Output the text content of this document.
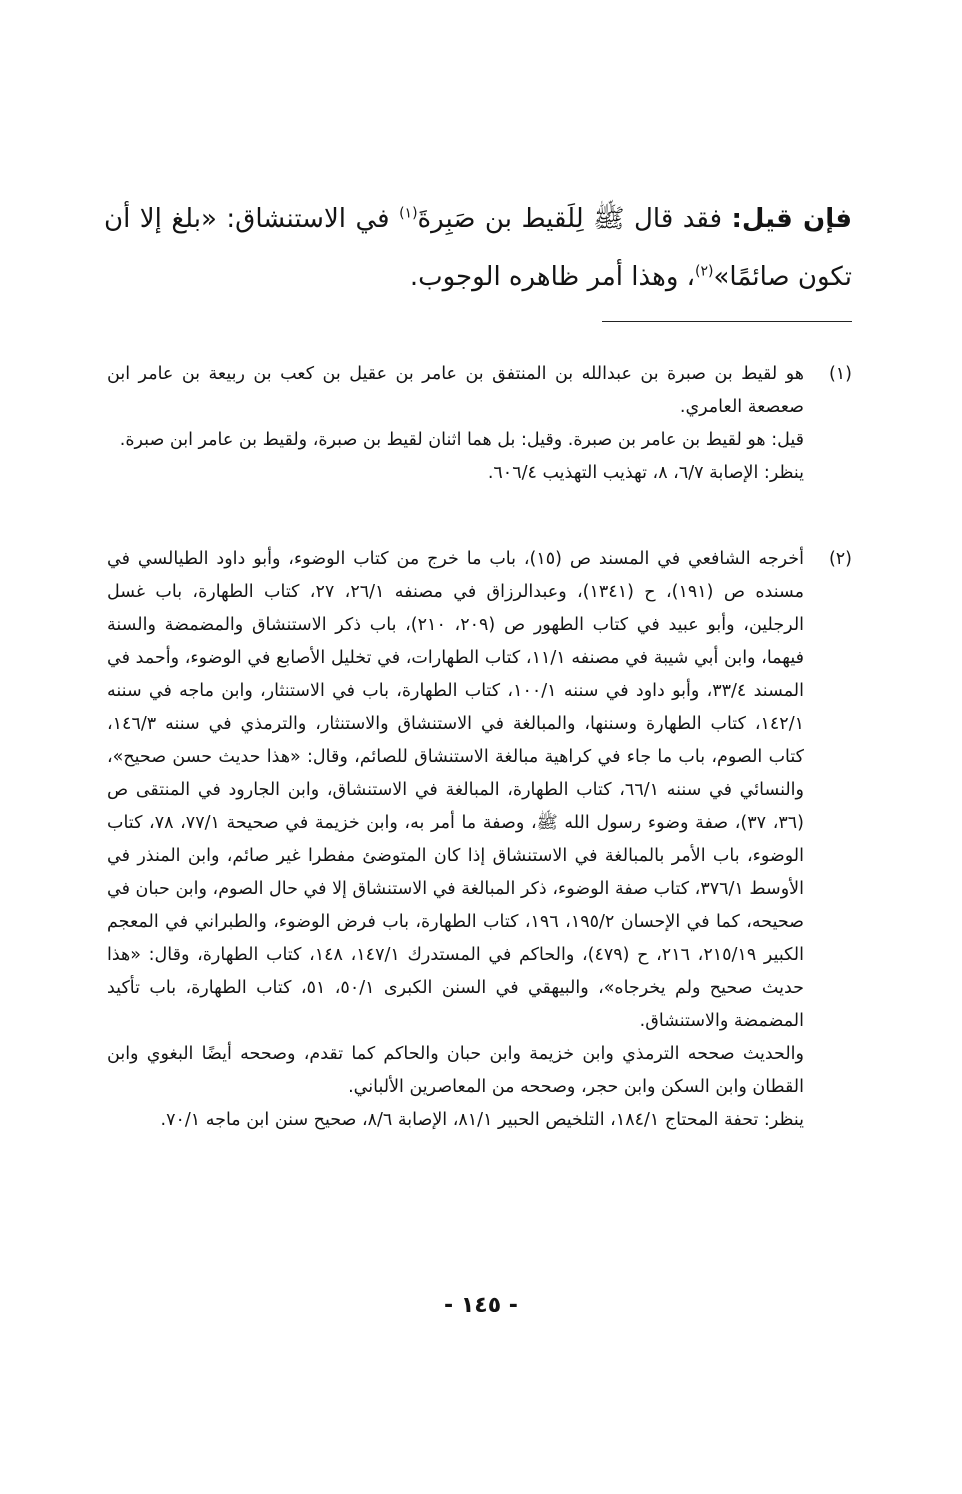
فإن قيل: فقد قال ﷺ لِلَقيط بن صَبِرةَ$^{(١)}$ في الاستنشاق: «بلغ إلا أن تكون صائمًا»$^{(٢)}$، وهذا أمر ظاهره الوجوب.
(١)

هو لقيط بن صبرة بن عبدالله بن المنتفق بن عامر بن عقيل بن كعب بن ربيعة بن عامر ابن صعصعة العامري.

قيل: هو لقيط بن عامر بن صبرة. وقيل: بل هما اثنان لقيط بن صبرة، ولقيط بن عامر ابن صبرة.

ينظر: الإصابة ٦/٧، ٨، تهذيب التهذيب ٦٠٦/٤.

(٢)

أخرجه الشافعي في المسند ص (١٥)، باب ما خرج من كتاب الوضوء، وأبو داود الطيالسي في مسنده ص (١٩١)، ح (١٣٤١)، وعبدالرزاق في مصنفه ٢٦/١، ٢٧، كتاب الطهارة، باب غسل الرجلين، وأبو عبيد في كتاب الطهور ص (٢٠٩، ٢١٠)، باب ذكر الاستنشاق والمضمضة والسنة فيهما، وابن أبي شيبة في مصنفه ١١/١، كتاب الطهارات، في تخليل الأصابع في الوضوء، وأحمد في المسند ٣٣/٤، وأبو داود في سننه ١٠٠/١، كتاب الطهارة، باب في الاستنثار، وابن ماجه في سننه ١٤٢/١، كتاب الطهارة وسننها، والمبالغة في الاستنشاق والاستنثار، والترمذي في سننه ١٤٦/٣، كتاب الصوم، باب ما جاء في كراهية مبالغة الاستنشاق للصائم، وقال: «هذا حديث حسن صحيح»، والنسائي في سننه ٦٦/١، كتاب الطهارة، المبالغة في الاستنشاق، وابن الجارود في المنتقى ص (٣٦، ٣٧)، صفة وضوء رسول الله ﷺ، وصفة ما أمر به، وابن خزيمة في صحيحة ٧٧/١، ٧٨، كتاب الوضوء، باب الأمر بالمبالغة في الاستنشاق إذا كان المتوضئ مفطرا غير صائم، وابن المنذر في الأوسط ٣٧٦/١، كتاب صفة الوضوء، ذكر المبالغة في الاستنشاق إلا في حال الصوم، وابن حبان في صحيحه، كما في الإحسان ١٩٥/٢، ١٩٦، كتاب الطهارة، باب فرض الوضوء، والطبراني في المعجم الكبير ٢١٥/١٩، ٢١٦، ح (٤٧٩)، والحاكم في المستدرك ١٤٧/١، ١٤٨، كتاب الطهارة، وقال: «هذا حديث صحيح ولم يخرجاه»، والبيهقي في السنن الكبرى ٥٠/١، ٥١، كتاب الطهارة، باب تأكيد المضمضة والاستنشاق.

والحديث صححه الترمذي وابن خزيمة وابن حبان والحاكم كما تقدم، وصححه أيضًا البغوي وابن القطان وابن السكن وابن حجر، وصححه من المعاصرين الألباني.

ينظر: تحفة المحتاج ١٨٤/١، التلخيص الحبير ٨١/١، الإصابة ٨/٦، صحيح سنن ابن ماجه ٧٠/١.

- ١٤٥ -
